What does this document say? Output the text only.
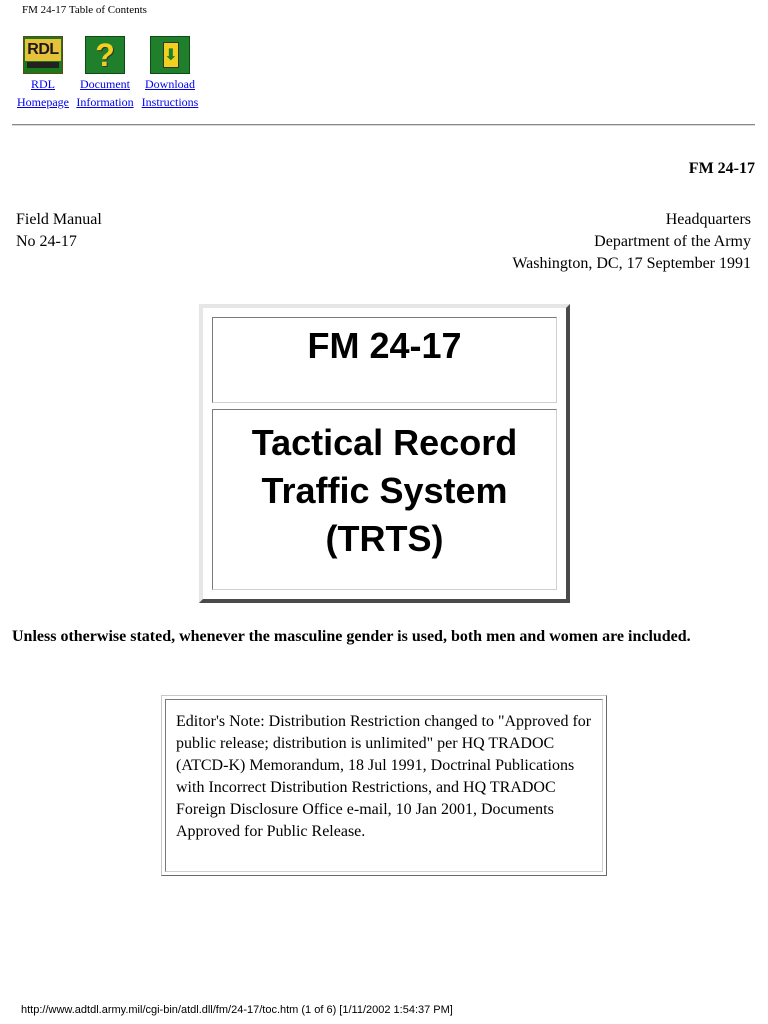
FM 24-17 Table of Contents
RDL
RDL
Homepage
?
Document
Information
⬇
Download
Instructions
FM 24-17
Field Manual
No 24-17
Headquarters
Department of the Army
Washington, DC, 17 September 1991
FM 24-17
Tactical Record
Traffic System
(TRTS)
Unless otherwise stated, whenever the masculine gender is used, both men and women are included.
Editor's Note: Distribution Restriction changed to "Approved for public release; distribution is unlimited" per HQ TRADOC (ATCD-K) Memorandum, 18 Jul 1991, Doctrinal Publications with Incorrect Distribution Restrictions, and HQ TRADOC Foreign Disclosure Office e-mail, 10 Jan 2001, Documents Approved for Public Release.
http://www.adtdl.army.mil/cgi-bin/atdl.dll/fm/24-17/toc.htm (1 of 6) [1/11/2002 1:54:37 PM]
